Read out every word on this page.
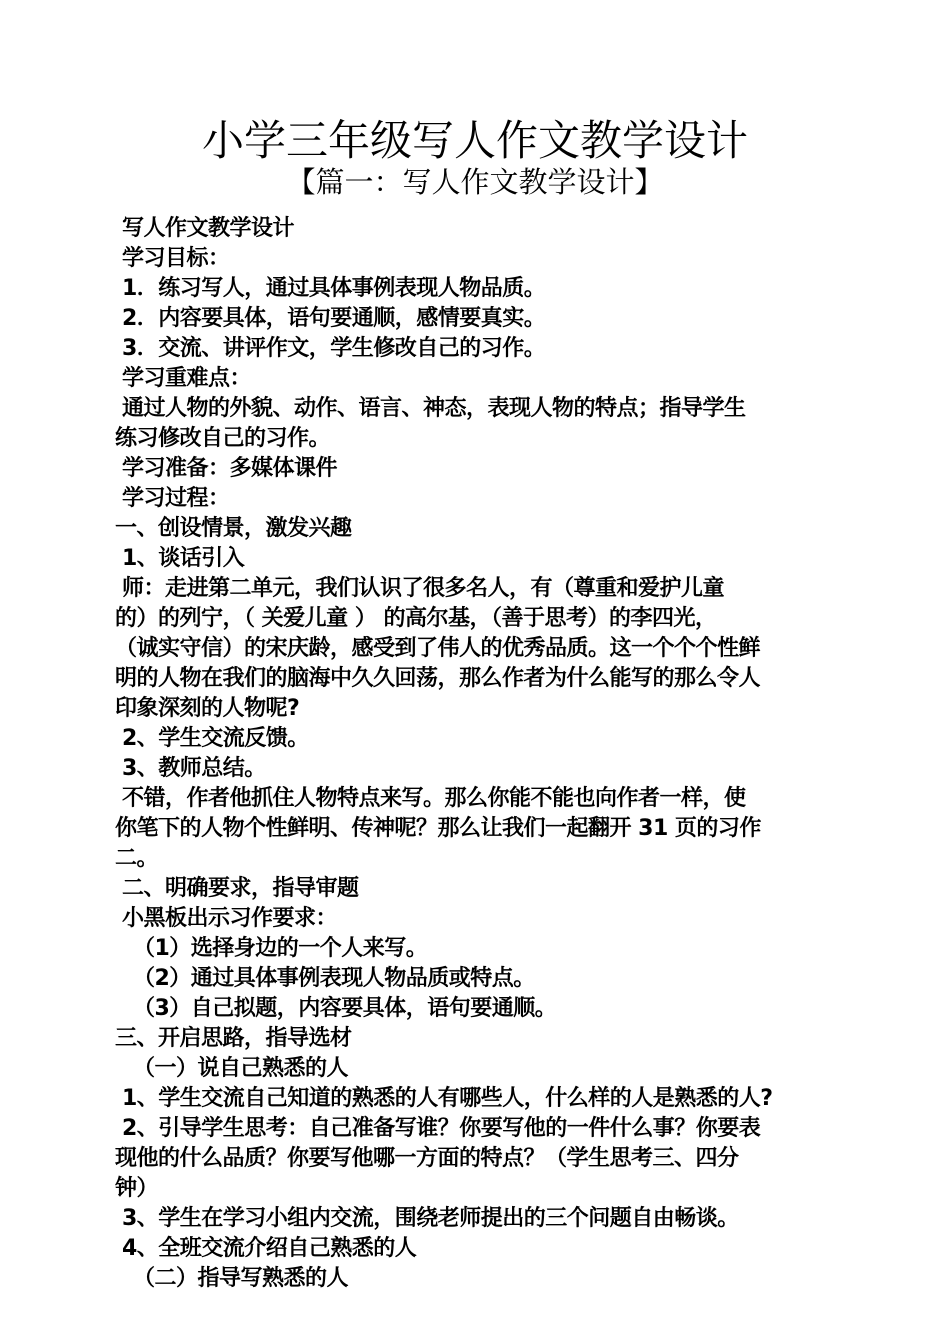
小学三年级写人作文教学设计
【篇一：写人作文教学设计】
写人作文教学设计
学习目标：
1．练习写人，通过具体事例表现人物品质。
2．内容要具体，语句要通顺，感情要真实。
3．交流、讲评作文，学生修改自己的习作。
学习重难点：
通过人物的外貌、动作、语言、神态，表现人物的特点；指导学生
练习修改自己的习作。
学习准备：多媒体课件
学习过程：
一、创设情景，激发兴趣
1、谈话引入
师：走进第二单元，我们认识了很多名人，有（尊重和爱护儿童
的）的列宁，（ 关爱儿童 ） 的高尔基，（善于思考）的李四光，
（诚实守信）的宋庆龄，感受到了伟人的优秀品质。这一个个个性鲜
明的人物在我们的脑海中久久回荡，那么作者为什么能写的那么令人
印象深刻的人物呢?
2、学生交流反馈。
3、教师总结。
不错，作者他抓住人物特点来写。那么你能不能也向作者一样，使
你笔下的人物个性鲜明、传神呢？那么让我们一起翻开 31 页的习作
二。
二、明确要求，指导审题
小黑板出示习作要求：
（1）选择身边的一个人来写。
（2）通过具体事例表现人物品质或特点。
（3）自己拟题，内容要具体，语句要通顺。
三、开启思路，指导选材
（一）说自己熟悉的人
1、学生交流自己知道的熟悉的人有哪些人，什么样的人是熟悉的人?
2、引导学生思考：自己准备写谁？你要写他的一件什么事？你要表
现他的什么品质？你要写他哪一方面的特点？（学生思考三、四分
钟）
3、学生在学习小组内交流，围绕老师提出的三个问题自由畅谈。
4、全班交流介绍自己熟悉的人
（二）指导写熟悉的人
